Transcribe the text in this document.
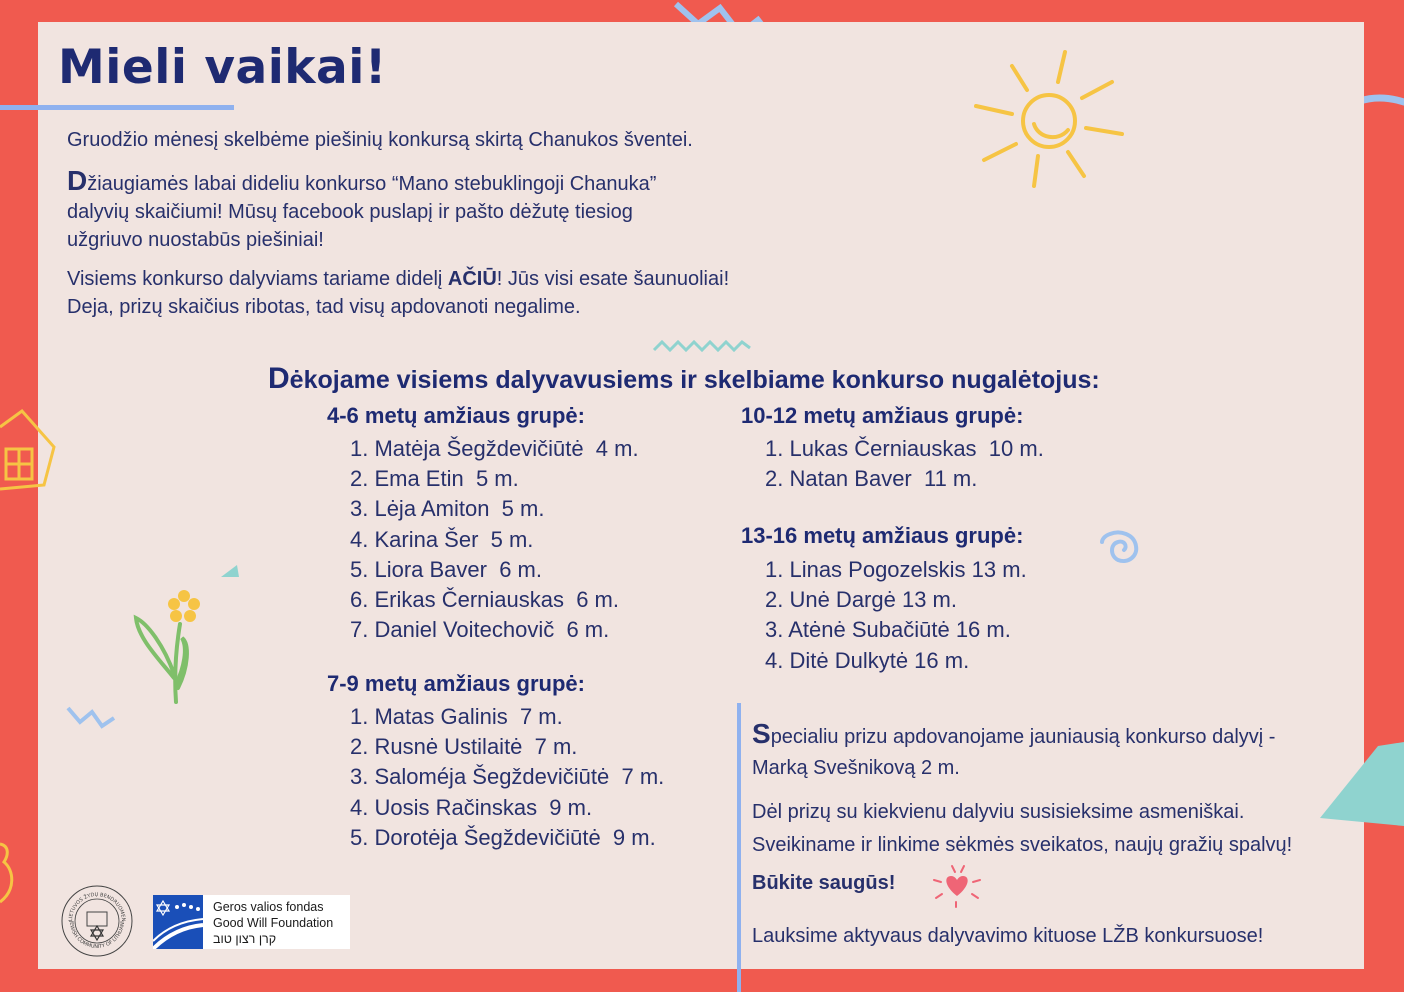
Mieli vaikai!

Gruodžio mėnesį skelbėme piešinių konkursą skirtą Chanukos šventei.

Džiaugiamės labai dideliu konkurso “Mano stebuklingoji Chanuka”
dalyvių skaičiumi! Mūsų facebook puslapį ir pašto dėžutę tiesiog
užgriuvo nuostabūs piešiniai!

Visiems konkurso dalyviams tariame didelį AČIŪ! Jūs visi esate šaunuoliai!
Deja, prizų skaičius ribotas, tad visų apdovanoti negalime.

Dėkojame visiems dalyvavusiems ir skelbiame konkurso nugalėtojus:
4-6 metų amžiaus grupė:
1. Matėja Šegždevičiūtė  4 m.
2. Ema Etin  5 m.
3. Lėja Amiton  5 m.
4. Karina Šer  5 m.
5. Liora Baver  6 m.
6. Erikas Černiauskas  6 m.
7. Daniel Voitechovič  6 m.
7-9 metų amžiaus grupė:
1. Matas Galinis  7 m.
2. Rusnė Ustilaitė  7 m.
3. Saloméja Šegždevičiūtė  7 m.
4. Uosis Račinskas  9 m.
5. Dorotėja Šegždevičiūtė  9 m.
10-12 metų amžiaus grupė:
1. Lukas Černiauskas  10 m.
2. Natan Baver  11 m.
13-16 metų amžiaus grupė:
1. Linas Pogozelskis 13 m.
2. Unė Dargė 13 m.
3. Atėnė Subačiūtė 16 m.
4. Ditė Dulkytė 16 m.

Specialiu prizu apdovanojame jauniausią konkurso dalyvį -
Marką Svešnikovą 2 m.

Dėl prizų su kiekvienu dalyviu susisieksime asmeniškai.

Sveikiname ir linkime sėkmės sveikatos, naujų gražių spalvų!

Būkite saugūs!

Lauksime aktyvaus dalyvavimo kituose LŽB konkursuose!

LIETUVOS ŽYDŲ BENDRUOMEN
JEWISH COMMUNITY OF LITHUANI
Geros valios fondas
Good Will Foundation
קרן רצון טוב
